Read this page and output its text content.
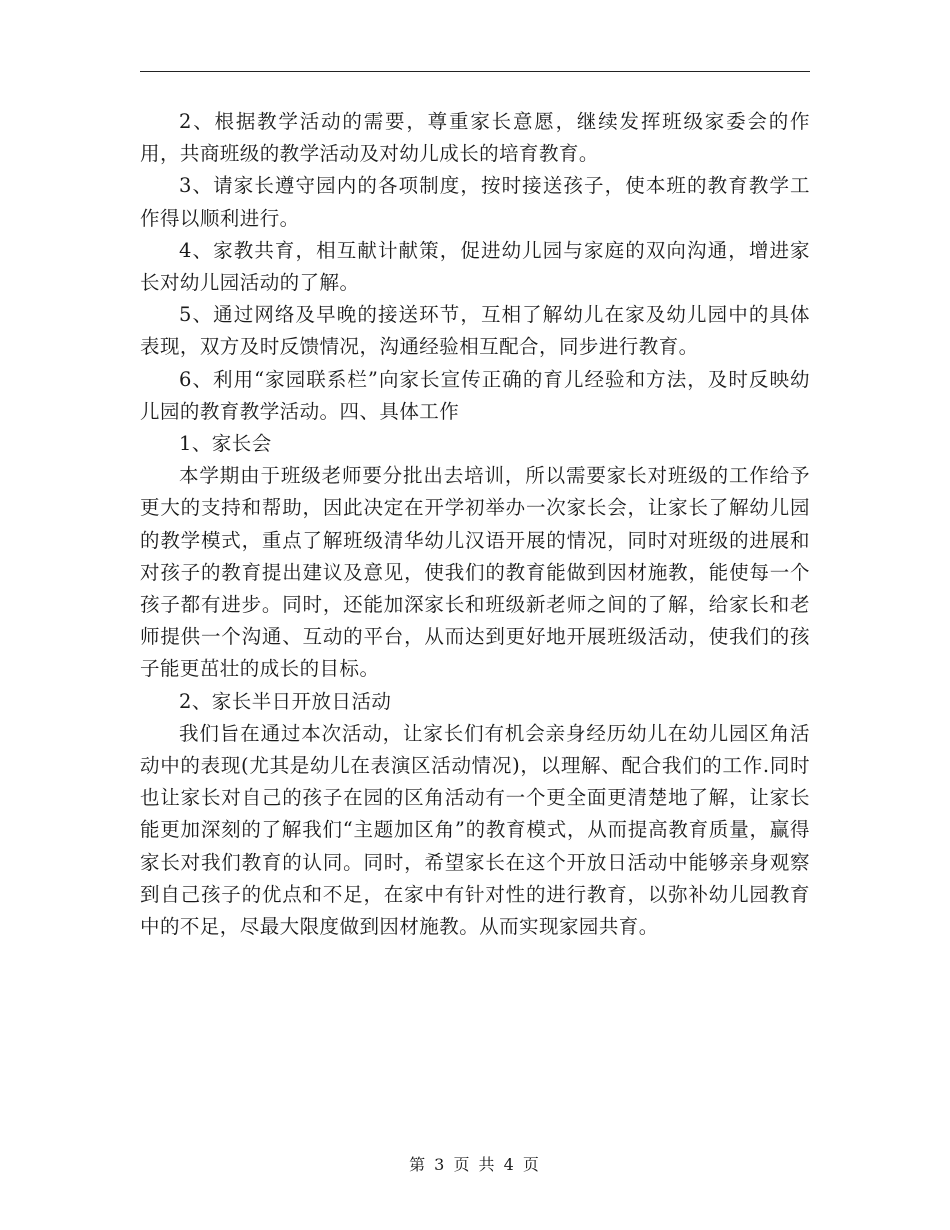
2、根据教学活动的需要，尊重家长意愿，继续发挥班级家委会的作用，共商班级的教学活动及对幼儿成长的培育教育。

3、请家长遵守园内的各项制度，按时接送孩子，使本班的教育教学工作得以顺利进行。

4、家教共育，相互献计献策，促进幼儿园与家庭的双向沟通，增进家长对幼儿园活动的了解。

5、通过网络及早晚的接送环节，互相了解幼儿在家及幼儿园中的具体表现，双方及时反馈情况，沟通经验相互配合，同步进行教育。

6、利用“家园联系栏”向家长宣传正确的育儿经验和方法，及时反映幼儿园的教育教学活动。四、具体工作

1、家长会

本学期由于班级老师要分批出去培训，所以需要家长对班级的工作给予更大的支持和帮助，因此决定在开学初举办一次家长会，让家长了解幼儿园的教学模式，重点了解班级清华幼儿汉语开展的情况，同时对班级的进展和对孩子的教育提出建议及意见，使我们的教育能做到因材施教，能使每一个孩子都有进步。同时，还能加深家长和班级新老师之间的了解，给家长和老师提供一个沟通、互动的平台，从而达到更好地开展班级活动，使我们的孩子能更茁壮的成长的目标。

2、家长半日开放日活动

我们旨在通过本次活动，让家长们有机会亲身经历幼儿在幼儿园区角活动中的表现(尤其是幼儿在表演区活动情况)，以理解、配合我们的工作.同时也让家长对自己的孩子在园的区角活动有一个更全面更清楚地了解，让家长能更加深刻的了解我们“主题加区角”的教育模式，从而提高教育质量，赢得家长对我们教育的认同。同时，希望家长在这个开放日活动中能够亲身观察到自己孩子的优点和不足，在家中有针对性的进行教育，以弥补幼儿园教育中的不足，尽最大限度做到因材施教。从而实现家园共育。

第 3 页 共 4 页
